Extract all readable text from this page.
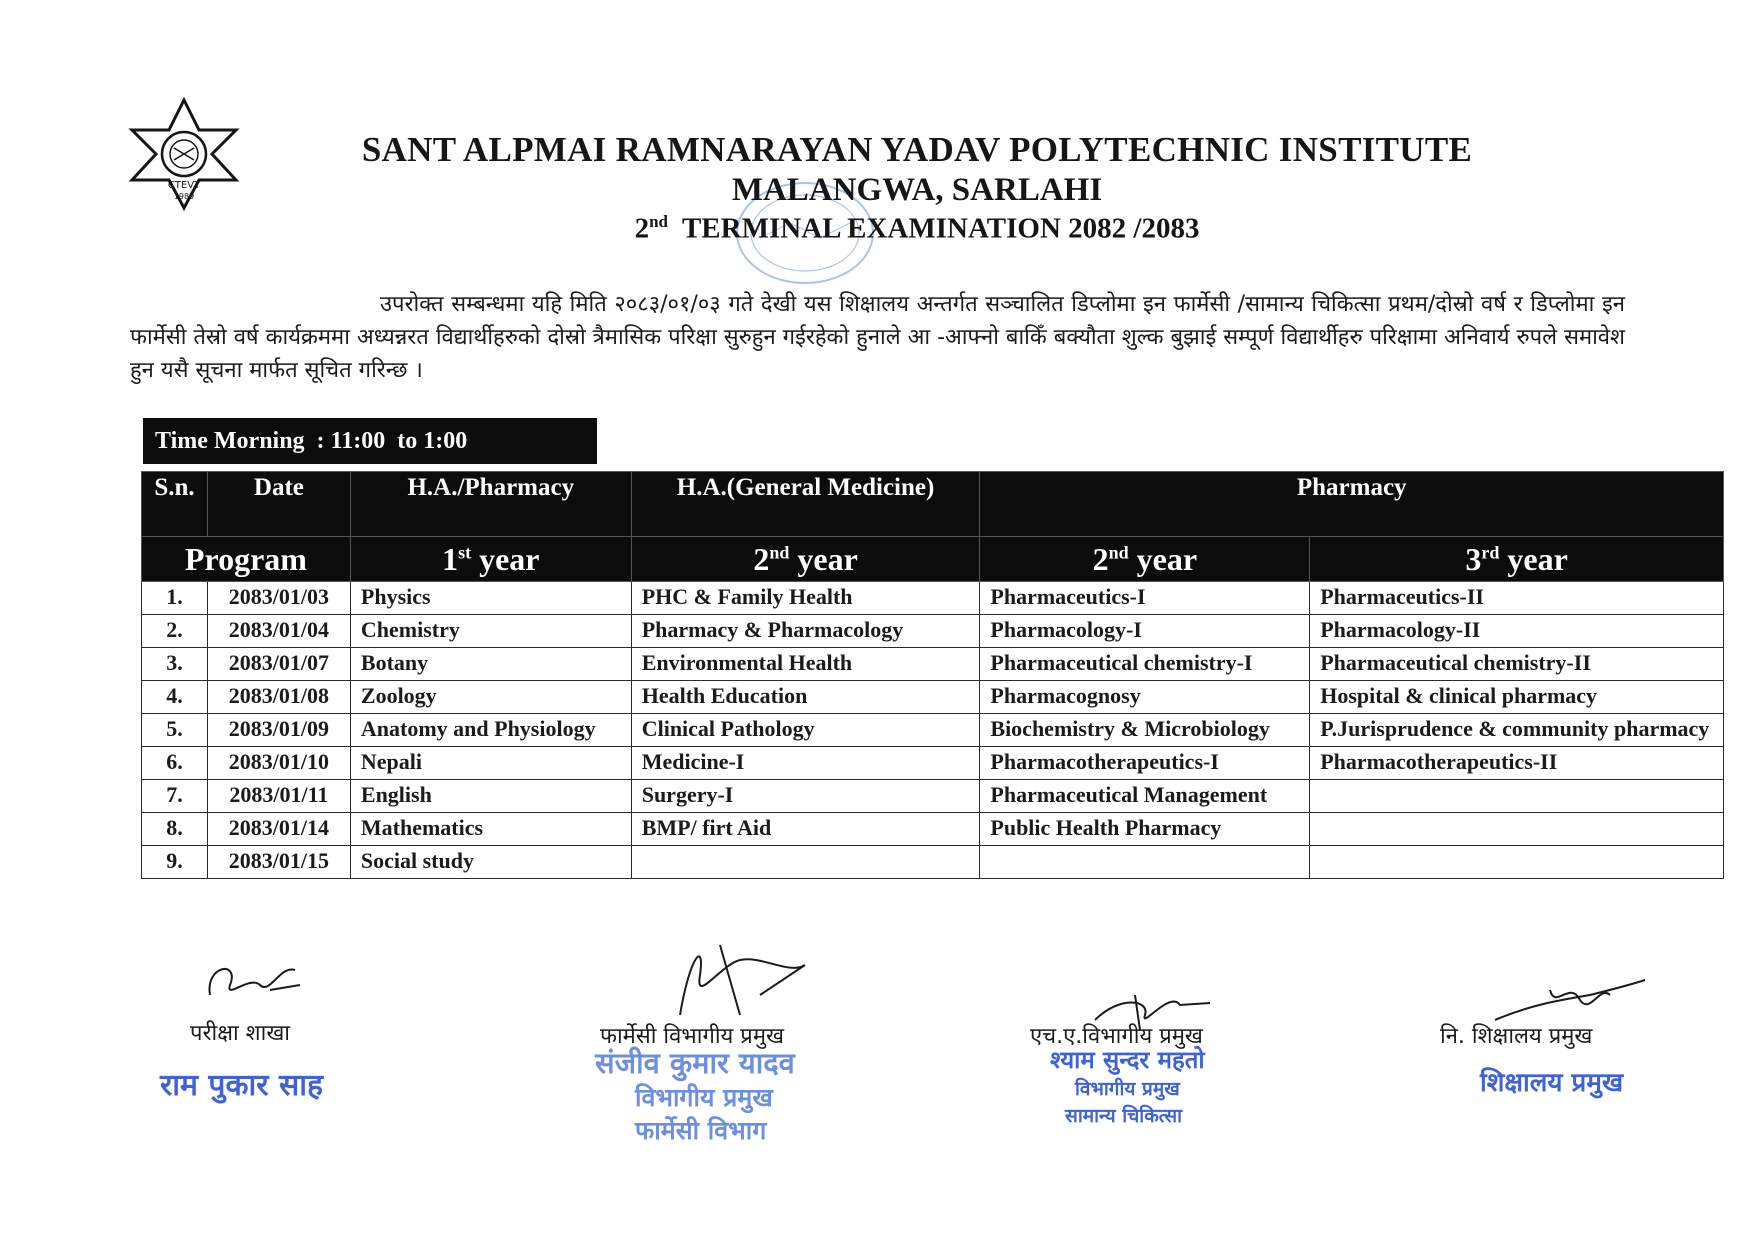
CTEVT
1989
SANT ALPMAI RAMNARAYAN YADAV POLYTECHNIC INSTITUTE
MALANGWA, SARLAHI
2nd TERMINAL EXAMINATION 2082 /2083
उपरोक्त सम्बन्धमा यहि मिति २०८३/०१/०३ गते देखी यस शिक्षालय अन्तर्गत सञ्चालित डिप्लोमा इन फार्मेसी /सामान्य चिकित्सा प्रथम/दोस्रो वर्ष र डिप्लोमा इन फार्मेसी तेस्रो वर्ष कार्यक्रममा अध्यन्नरत विद्यार्थीहरुको दोस्रो त्रैमासिक परिक्षा सुरुहुन गईरहेको हुनाले आ -आफ्नो बाकिँ बक्यौता शुल्क बुझाई सम्पूर्ण विद्यार्थीहरु परिक्षामा अनिवार्य रुपले समावेश हुन यसै सूचना मार्फत सूचित गरिन्छ ।
Time Morning  : 11:00  to 1:00
S.n.	Date	H.A./Pharmacy	H.A.(General Medicine)	Pharmacy	
Program		1st year	2nd year	2nd year	3rd year
1.	2083/01/03	Physics	PHC & Family Health	Pharmaceutics-I	Pharmaceutics-II
2.	2083/01/04	Chemistry	Pharmacy & Pharmacology	Pharmacology-I	Pharmacology-II
3.	2083/01/07	Botany	Environmental Health	Pharmaceutical chemistry-I	Pharmaceutical chemistry-II
4.	2083/01/08	Zoology	Health Education	Pharmacognosy	Hospital & clinical pharmacy
5.	2083/01/09	Anatomy and Physiology	Clinical Pathology	Biochemistry & Microbiology	P.Jurisprudence & community pharmacy
6.	2083/01/10	Nepali	Medicine-I	Pharmacotherapeutics-I	Pharmacotherapeutics-II
7.	2083/01/11	English	Surgery-I	Pharmaceutical Management	
8.	2083/01/14	Mathematics	BMP/ firt Aid	Public Health Pharmacy	
9.	2083/01/15	Social study			
परीक्षा शाखा
राम पुकार साह
फार्मेसी विभागीय प्रमुख
संजीव कुमार यादव
विभागीय प्रमुख
फार्मेसी विभाग
एच.ए.विभागीय प्रमुख
श्याम सुन्दर महतो
विभागीय प्रमुख
सामान्य चिकित्सा
नि. शिक्षालय प्रमुख
शिक्षालय प्रमुख
